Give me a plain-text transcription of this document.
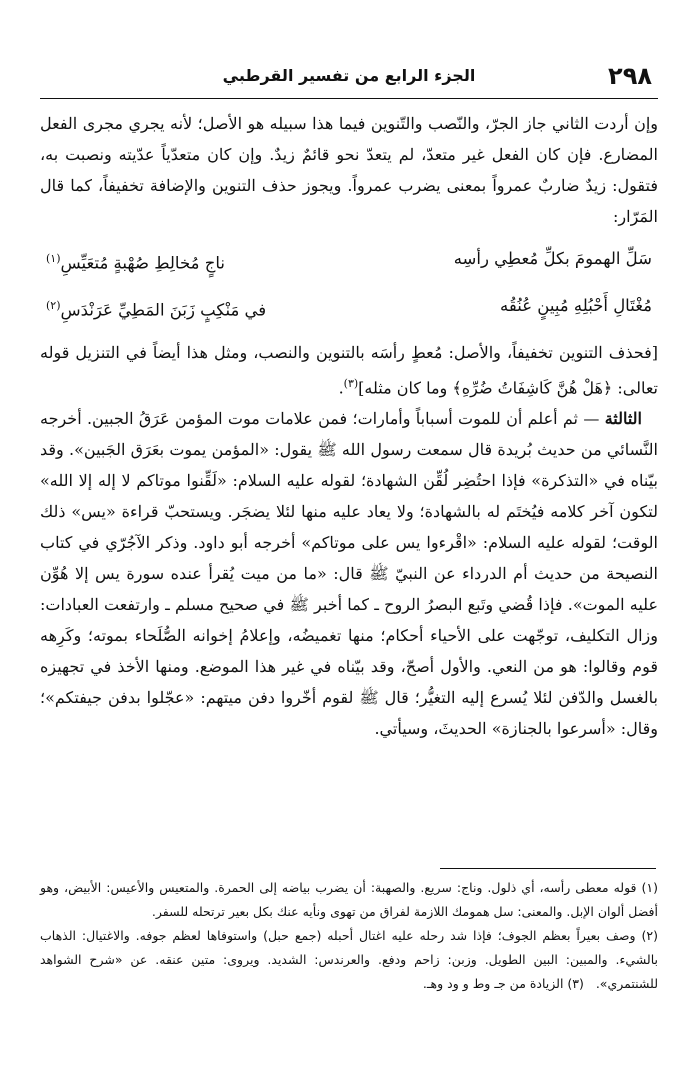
٢٩٨
الجزء الرابع من تفسير القرطبي

وإن أردت الثاني جاز الجرّ، والنّصب والتّنوين فيما هذا سبيله هو الأصل؛ لأنه يجري مجرى الفعل المضارع. فإن كان الفعل غير متعدّ، لم يتعدّ نحو قائمٌ زيدٌ. وإن كان متعدّياً عدّيته ونصبت به، فتقول: زيدٌ ضاربٌ عمرواً بمعنى يضرب عمرواً. ويجوز حذف التنوين والإضافة تخفيفاً، كما قال المَرّار:

سَلِّ الهمومَ بكلِّ مُعطِي رأسِه
ناجٍ مُخالِطِ صُهْبةٍ مُتعَيِّسِ$^{(١)}$
مُغْتَالِ أَحْبُلِهِ مُبِينٍ عُنُقُه
في مَنْكِبٍ زَبَنَ المَطِيِّ عَرَنْدَسِ$^{(٢)}$

[فحذف التنوين تخفيفاً، والأصل: مُعطٍ رأسَه بالتنوين والنصب، ومثل هذا أيضاً في التنزيل قوله تعالى: ﴿هَلْ هُنَّ كَاشِفَاتُ ضُرِّهِ﴾ وما كان مثله]$^{(٣)}$.

الثالثة — ثم أعلم أن للموت أسباباً وأمارات؛ فمن علامات موت المؤمن عَرَقُ الجبين. أخرجه النَّسائي من حديث بُريدة قال سمعت رسول الله ﷺ يقول: «المؤمن يموت بعَرَق الجَبين». وقد بيّناه في «التذكرة» فإذا احتُضِر لُقِّن الشهادة؛ لقوله عليه السلام: «لَقِّنوا موتاكم لا إله إلا الله» لتكون آخر كلامه فيُختَم له بالشهادة؛ ولا يعاد عليه منها لئلا يضجَر. ويستحبّ قراءة «يس» ذلك الوقت؛ لقوله عليه السلام: «اقْرءوا يس على موتاكم» أخرجه أبو داود. وذكر الآجُرّي في كتاب النصيحة من حديث أم الدرداء عن النبيّ ﷺ قال: «ما من ميت يُقرأ عنده سورة يس إلا هُوِّن عليه الموت». فإذا قُضي وتَبع البصرُ الروح ـ كما أخبر ﷺ في صحيح مسلم ـ وارتفعت العبادات: وزال التكليف، توجّهت على الأحياء أحكام؛ منها تغميضُه، وإعلامُ إخوانه الصُّلَحاء بموته؛ وكَرِهه قوم وقالوا: هو من النعي. والأول أصحّ، وقد بيّناه في غير هذا الموضع. ومنها الأخذ في تجهيزه بالغسل والدّفن لئلا يُسرع إليه التغيُّر؛ قال ﷺ لقوم أخّروا دفن ميتهم: «عجّلوا بدفن جيفتكم»؛ وقال: «أسرعوا بالجنازة» الحديثَ، وسيأتي.

(١) قوله معطى رأسه، أي ذلول. وناج: سريع. والصهبة: أن يضرب بياضه إلى الحمرة. والمتعيس والأعيس: الأبيض، وهو أفضل ألوان الإبل. والمعنى: سل همومك اللازمة لفراق من تهوى ونأيه عنك بكل بعير ترتحله للسفر.

(٢) وصف بعيراً بعظم الجوف؛ فإذا شد رحله عليه اغتال أحبله (جمع حبل) واستوفاها لعظم جوفه. والاغتيال: الذهاب بالشيء. والمبين: البين الطويل. وزبن: زاحم ودفع. والعرندس: الشديد. ويروى: متين عنقه. عن «شرح الشواهد للشنتمري».   (٣) الزيادة من جـ وط و ود وهـ.
